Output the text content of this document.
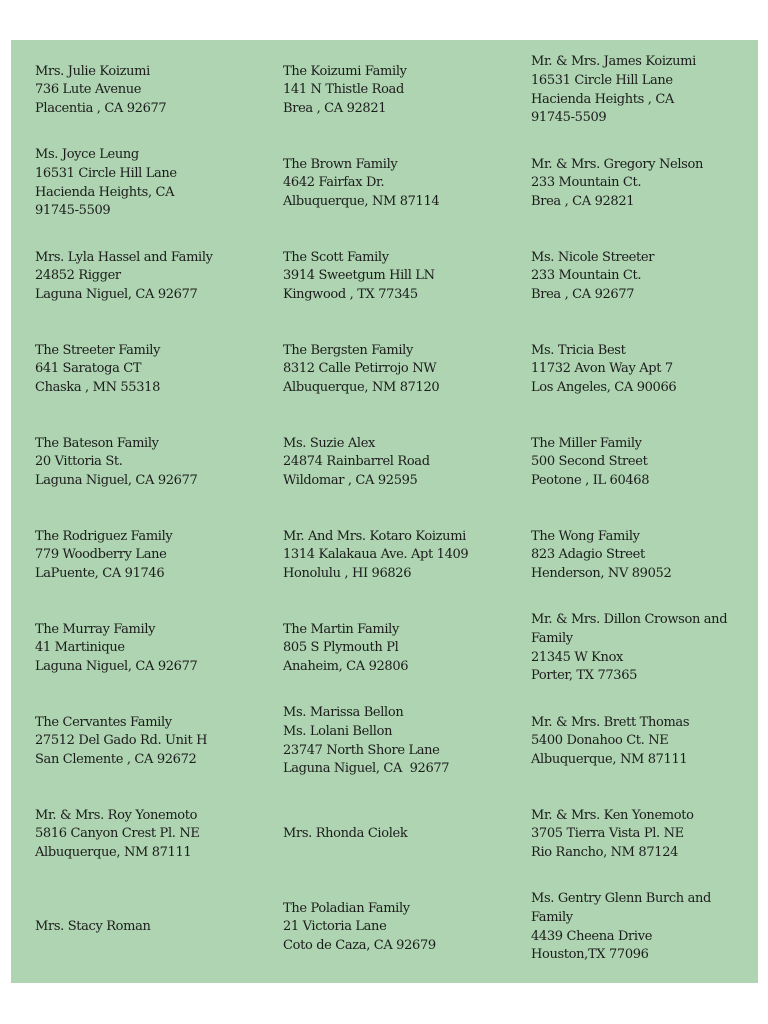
Mrs. Julie Koizumi
736 Lute Avenue
Placentia , CA 92677
The Koizumi Family
141 N Thistle Road
Brea , CA 92821
Mr. & Mrs. James Koizumi
16531 Circle Hill Lane
Hacienda Heights , CA
91745-5509
Ms. Joyce Leung
16531 Circle Hill Lane
Hacienda Heights, CA
91745-5509
The Brown Family
4642 Fairfax Dr.
Albuquerque, NM 87114
Mr. & Mrs. Gregory Nelson
233 Mountain Ct.
Brea , CA 92821
Mrs. Lyla Hassel and Family
24852 Rigger
Laguna Niguel, CA 92677
The Scott Family
3914 Sweetgum Hill LN
Kingwood , TX 77345
Ms. Nicole Streeter
233 Mountain Ct.
Brea , CA 92677
The Streeter Family
641 Saratoga CT
Chaska , MN 55318
The Bergsten Family
8312 Calle Petirrojo NW
Albuquerque, NM 87120
Ms. Tricia Best
11732 Avon Way Apt 7
Los Angeles, CA 90066
The Bateson Family
20 Vittoria St.
Laguna Niguel, CA 92677
Ms. Suzie Alex
24874 Rainbarrel Road
Wildomar , CA 92595
The Miller Family
500 Second Street
Peotone , IL 60468
The Rodriguez Family
779 Woodberry Lane
LaPuente, CA 91746
Mr. And Mrs. Kotaro Koizumi
1314 Kalakaua Ave. Apt 1409
Honolulu , HI 96826
The Wong Family
823 Adagio Street
Henderson, NV 89052
The Murray Family
41 Martinique
Laguna Niguel, CA 92677
The Martin Family
805 S Plymouth Pl
Anaheim, CA 92806
Mr. & Mrs. Dillon Crowson and Family
21345 W Knox
Porter, TX 77365
The Cervantes Family
27512 Del Gado Rd. Unit H
San Clemente , CA 92672
Ms. Marissa Bellon
Ms. Lolani Bellon
23747 North Shore Lane
Laguna Niguel, CA  92677
Mr. & Mrs. Brett Thomas
5400 Donahoo Ct. NE
Albuquerque, NM 87111
Mr. & Mrs. Roy Yonemoto
5816 Canyon Crest Pl. NE
Albuquerque, NM 87111
Mrs. Rhonda Ciolek
Mr. & Mrs. Ken Yonemoto
3705 Tierra Vista Pl. NE
Rio Rancho, NM 87124
Mrs. Stacy Roman
The Poladian Family
21 Victoria Lane
Coto de Caza, CA 92679
Ms. Gentry Glenn Burch and Family
4439 Cheena Drive
Houston,TX 77096
